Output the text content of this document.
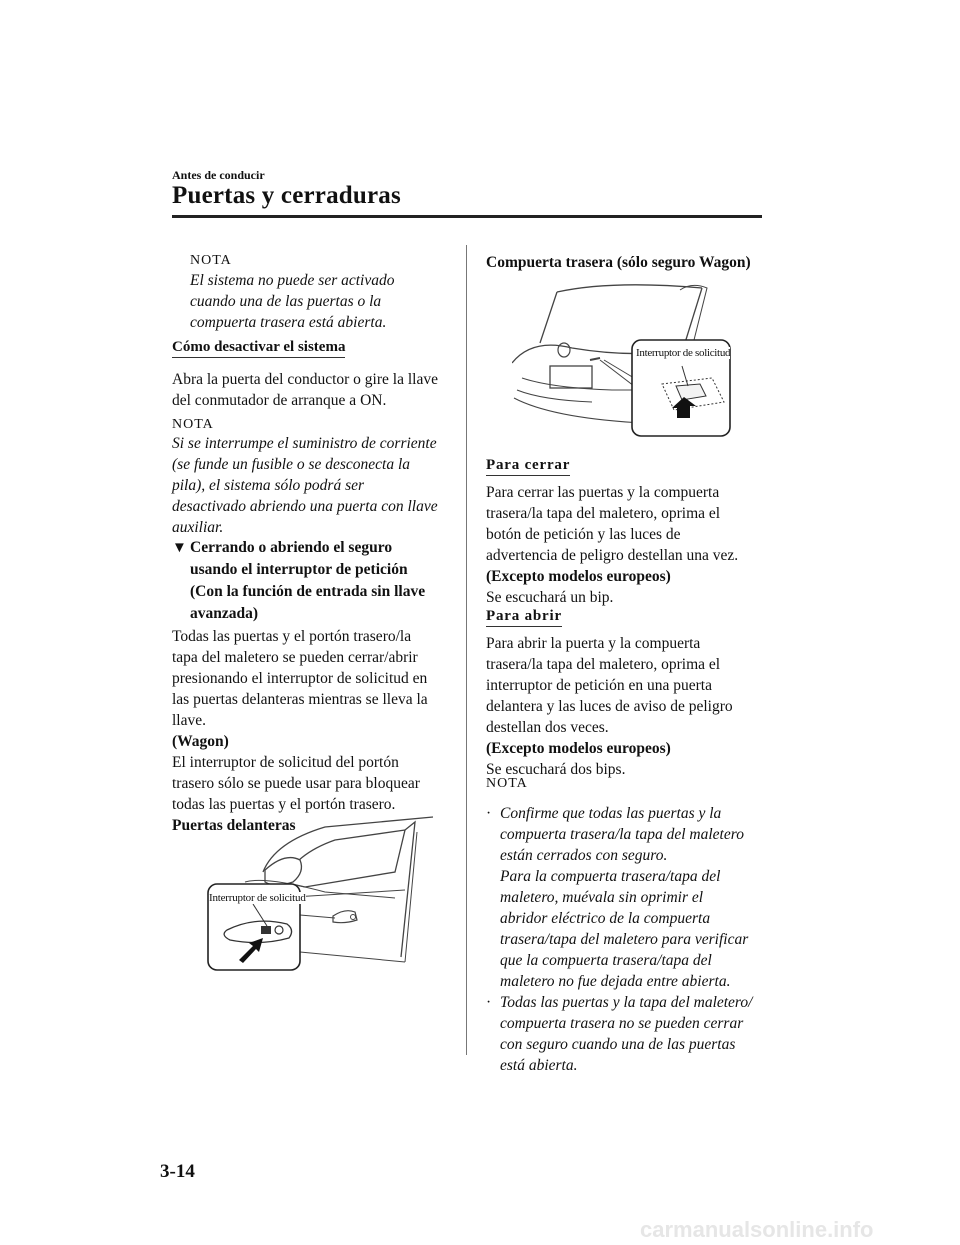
Antes de conducir
Puertas y cerraduras
NOTA
El sistema no puede ser activado
cuando una de las puertas o la
compuerta trasera está abierta.
Cómo desactivar el sistema
Abra la puerta del conductor o gire la llave
del conmutador de arranque a ON.
NOTA
Si se interrumpe el suministro de corriente
(se funde un fusible o se desconecta la
pila), el sistema sólo podrá ser
desactivado abriendo una puerta con llave
auxiliar.
▼ Cerrando o abriendo el seguro
usando el interruptor de petición
(Con la función de entrada sin llave
avanzada)
Todas las puertas y el portón trasero/la
tapa del maletero se pueden cerrar/abrir
presionando el interruptor de solicitud en
las puertas delanteras mientras se lleva la
llave.
(Wagon)
El interruptor de solicitud del portón
trasero sólo se puede usar para bloquear
todas las puertas y el portón trasero.
Puertas delanteras
Interruptor de solicitud
Compuerta trasera (sólo seguro Wagon)
Interruptor de solicitud
Para cerrar
Para cerrar las puertas y la compuerta
trasera/la tapa del maletero, oprima el
botón de petición y las luces de
advertencia de peligro destellan una vez.
(Excepto modelos europeos)
Se escuchará un bip.
Para abrir
Para abrir la puerta y la compuerta
trasera/la tapa del maletero, oprima el
interruptor de petición en una puerta
delantera y las luces de aviso de peligro
destellan dos veces.
(Excepto modelos europeos)
Se escuchará dos bips.
NOTA
· Confirme que todas las puertas y la
compuerta trasera/la tapa del maletero
están cerrados con seguro.
Para la compuerta trasera/tapa del
maletero, muévala sin oprimir el
abridor eléctrico de la compuerta
trasera/tapa del maletero para verificar
que la compuerta trasera/tapa del
maletero no fue dejada entre abierta.
· Todas las puertas y la tapa del maletero/
compuerta trasera no se pueden cerrar
con seguro cuando una de las puertas
está abierta.
3-14
carmanualsonline.info
